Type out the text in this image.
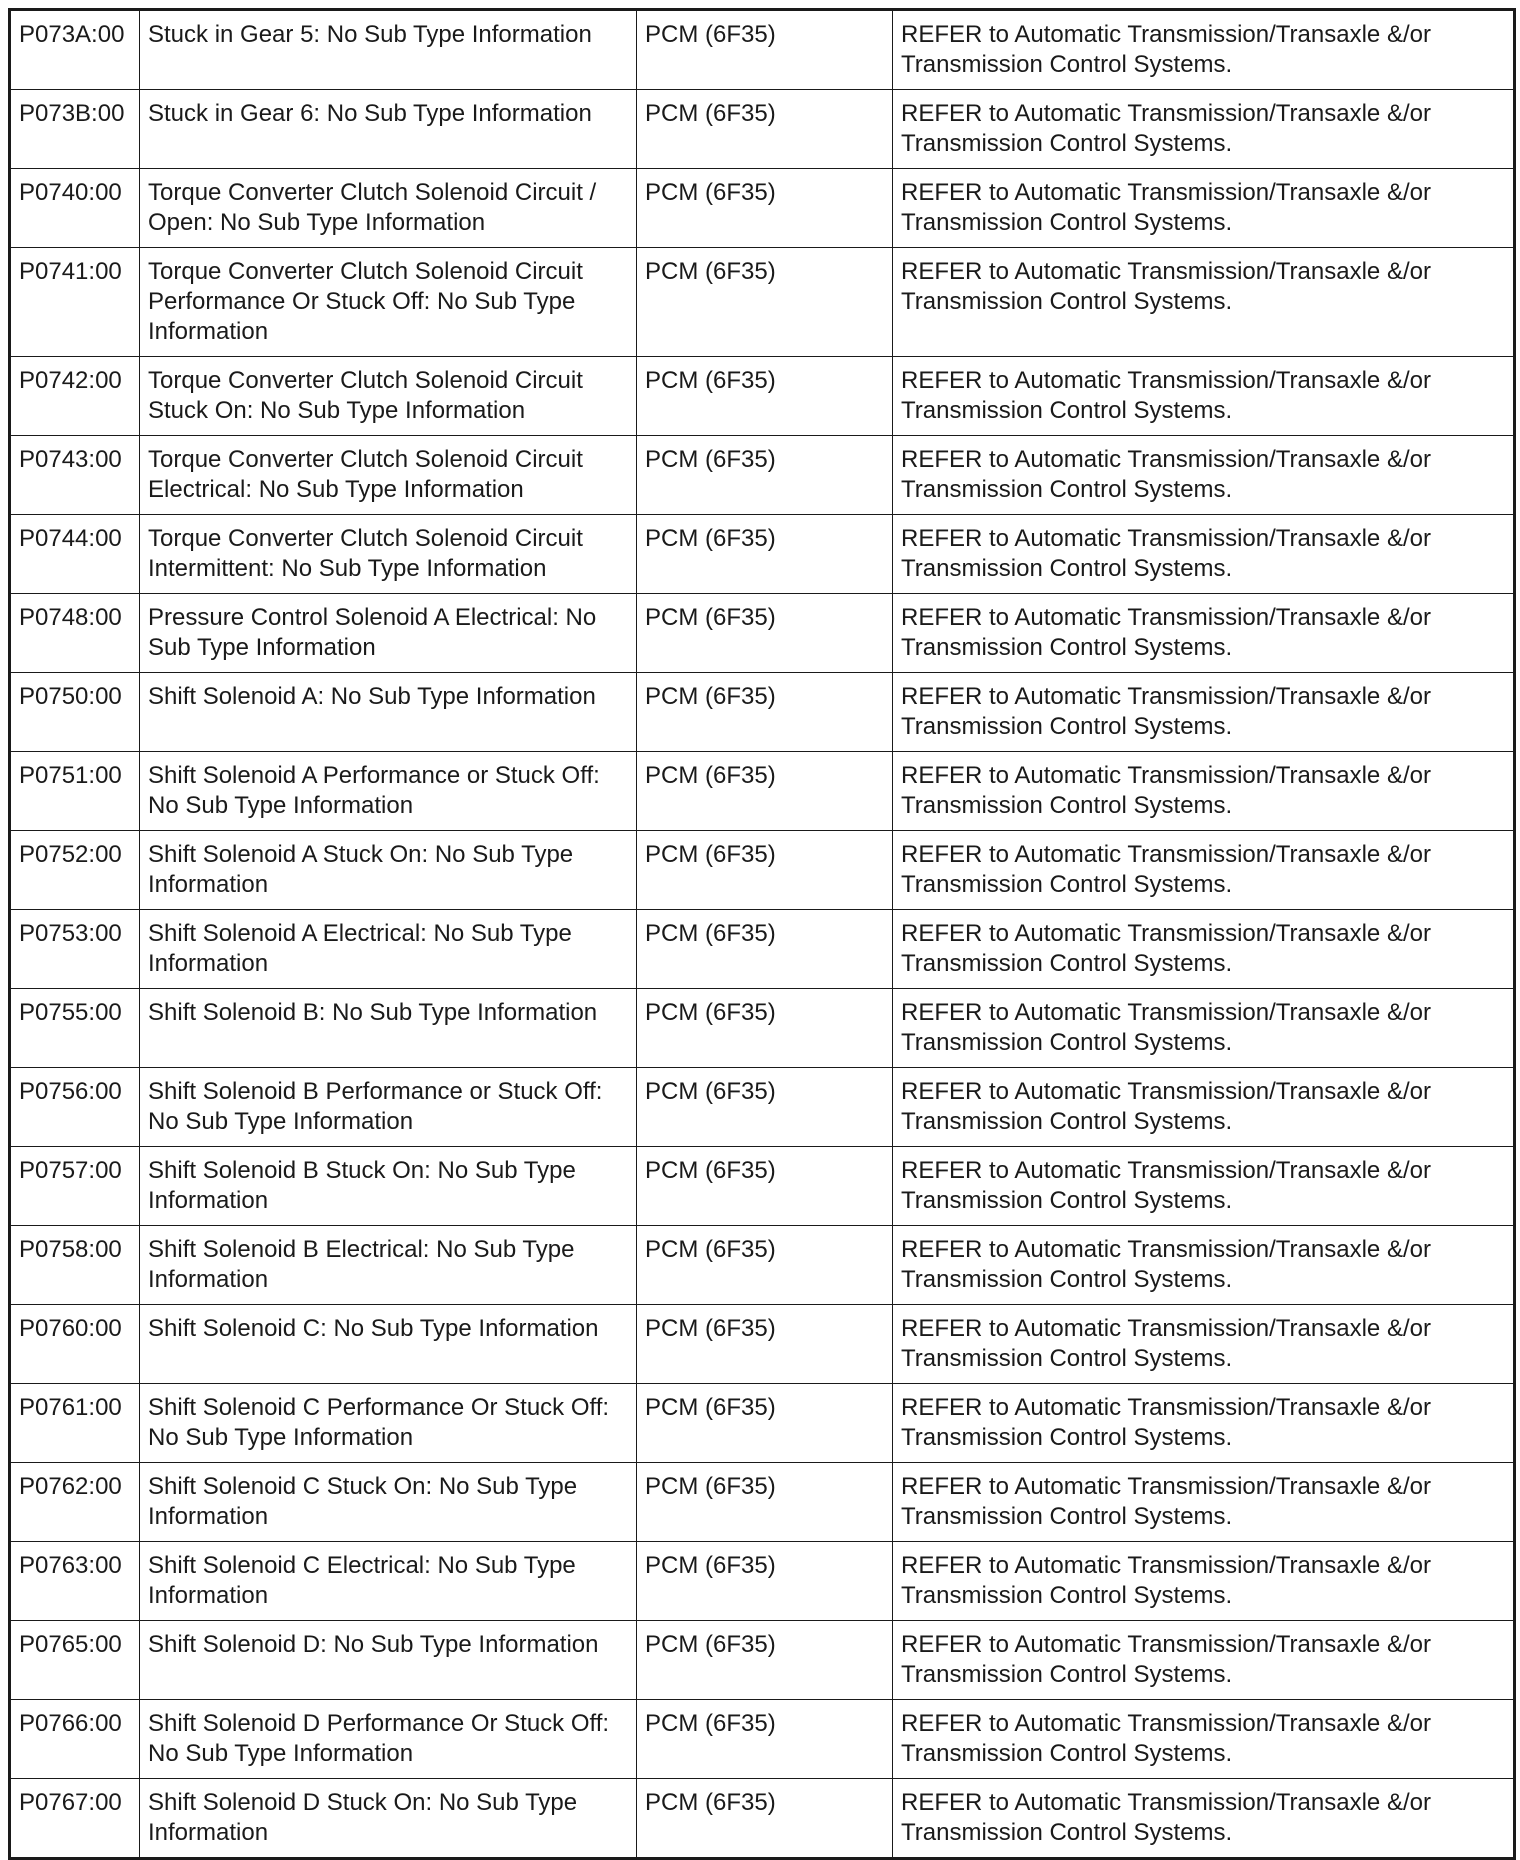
P073A:00	Stuck in Gear 5: No Sub Type Information	PCM (6F35)	REFER to Automatic Transmission/Transaxle &/or Transmission Control Systems.
P073B:00	Stuck in Gear 6: No Sub Type Information	PCM (6F35)	REFER to Automatic Transmission/Transaxle &/or Transmission Control Systems.
P0740:00	Torque Converter Clutch Solenoid Circuit / Open: No Sub Type Information	PCM (6F35)	REFER to Automatic Transmission/Transaxle &/or Transmission Control Systems.
P0741:00	Torque Converter Clutch Solenoid Circuit Performance Or Stuck Off: No Sub Type Information	PCM (6F35)	REFER to Automatic Transmission/Transaxle &/or Transmission Control Systems.
P0742:00	Torque Converter Clutch Solenoid Circuit Stuck On: No Sub Type Information	PCM (6F35)	REFER to Automatic Transmission/Transaxle &/or Transmission Control Systems.
P0743:00	Torque Converter Clutch Solenoid Circuit Electrical: No Sub Type Information	PCM (6F35)	REFER to Automatic Transmission/Transaxle &/or Transmission Control Systems.
P0744:00	Torque Converter Clutch Solenoid Circuit Intermittent: No Sub Type Information	PCM (6F35)	REFER to Automatic Transmission/Transaxle &/or Transmission Control Systems.
P0748:00	Pressure Control Solenoid A Electrical: No Sub Type Information	PCM (6F35)	REFER to Automatic Transmission/Transaxle &/or Transmission Control Systems.
P0750:00	Shift Solenoid A: No Sub Type Information	PCM (6F35)	REFER to Automatic Transmission/Transaxle &/or Transmission Control Systems.
P0751:00	Shift Solenoid A Performance or Stuck Off: No Sub Type Information	PCM (6F35)	REFER to Automatic Transmission/Transaxle &/or Transmission Control Systems.
P0752:00	Shift Solenoid A Stuck On: No Sub Type Information	PCM (6F35)	REFER to Automatic Transmission/Transaxle &/or Transmission Control Systems.
P0753:00	Shift Solenoid A Electrical: No Sub Type Information	PCM (6F35)	REFER to Automatic Transmission/Transaxle &/or Transmission Control Systems.
P0755:00	Shift Solenoid B: No Sub Type Information	PCM (6F35)	REFER to Automatic Transmission/Transaxle &/or Transmission Control Systems.
P0756:00	Shift Solenoid B Performance or Stuck Off: No Sub Type Information	PCM (6F35)	REFER to Automatic Transmission/Transaxle &/or Transmission Control Systems.
P0757:00	Shift Solenoid B Stuck On: No Sub Type Information	PCM (6F35)	REFER to Automatic Transmission/Transaxle &/or Transmission Control Systems.
P0758:00	Shift Solenoid B Electrical: No Sub Type Information	PCM (6F35)	REFER to Automatic Transmission/Transaxle &/or Transmission Control Systems.
P0760:00	Shift Solenoid C: No Sub Type Information	PCM (6F35)	REFER to Automatic Transmission/Transaxle &/or Transmission Control Systems.
P0761:00	Shift Solenoid C Performance Or Stuck Off: No Sub Type Information	PCM (6F35)	REFER to Automatic Transmission/Transaxle &/or Transmission Control Systems.
P0762:00	Shift Solenoid C Stuck On: No Sub Type Information	PCM (6F35)	REFER to Automatic Transmission/Transaxle &/or Transmission Control Systems.
P0763:00	Shift Solenoid C Electrical: No Sub Type Information	PCM (6F35)	REFER to Automatic Transmission/Transaxle &/or Transmission Control Systems.
P0765:00	Shift Solenoid D: No Sub Type Information	PCM (6F35)	REFER to Automatic Transmission/Transaxle &/or Transmission Control Systems.
P0766:00	Shift Solenoid D Performance Or Stuck Off: No Sub Type Information	PCM (6F35)	REFER to Automatic Transmission/Transaxle &/or Transmission Control Systems.
P0767:00	Shift Solenoid D Stuck On: No Sub Type Information	PCM (6F35)	REFER to Automatic Transmission/Transaxle &/or Transmission Control Systems.
